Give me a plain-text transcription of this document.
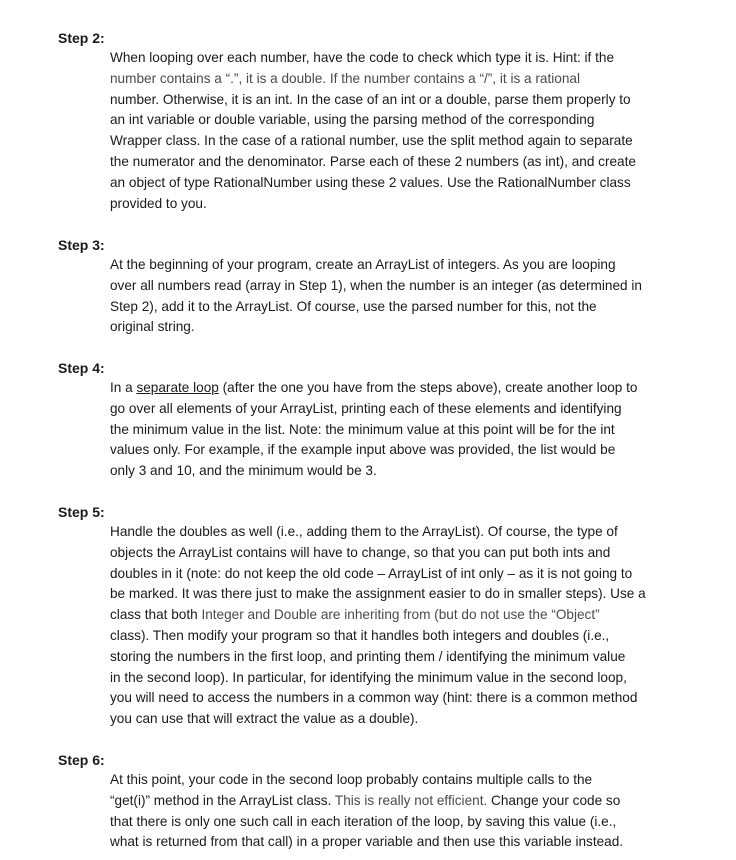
Step 2:

When looping over each number, have the code to check which type it is. Hint: if the

number contains a “.”, it is a double. If the number contains a “/”, it is a rational

number. Otherwise, it is an int. In the case of an int or a double, parse them properly to

an int variable or double variable, using the parsing method of the corresponding

Wrapper class. In the case of a rational number, use the split method again to separate

the numerator and the denominator. Parse each of these 2 numbers (as int), and create

an object of type RationalNumber using these 2 values. Use the RationalNumber class

provided to you.

Step 3:

At the beginning of your program, create an ArrayList of integers. As you are looping

over all numbers read (array in Step 1), when the number is an integer (as determined in

Step 2), add it to the ArrayList. Of course, use the parsed number for this, not the

original string.

Step 4:

In a separate loop (after the one you have from the steps above), create another loop to

go over all elements of your ArrayList, printing each of these elements and identifying

the minimum value in the list. Note: the minimum value at this point will be for the int

values only. For example, if the example input above was provided, the list would be

only 3 and 10, and the minimum would be 3.

Step 5:

Handle the doubles as well (i.e., adding them to the ArrayList). Of course, the type of

objects the ArrayList contains will have to change, so that you can put both ints and

doubles in it (note: do not keep the old code – ArrayList of int only – as it is not going to

be marked. It was there just to make the assignment easier to do in smaller steps). Use a

class that both Integer and Double are inheriting from (but do not use the “Object”

class). Then modify your program so that it handles both integers and doubles (i.e.,

storing the numbers in the first loop, and printing them / identifying the minimum value

in the second loop). In particular, for identifying the minimum value in the second loop,

you will need to access the numbers in a common way (hint: there is a common method

you can use that will extract the value as a double).

Step 6:

At this point, your code in the second loop probably contains multiple calls to the

“get(i)” method in the ArrayList class. This is really not efficient. Change your code so

that there is only one such call in each iteration of the loop, by saving this value (i.e.,

what is returned from that call) in a proper variable and then use this variable instead.
